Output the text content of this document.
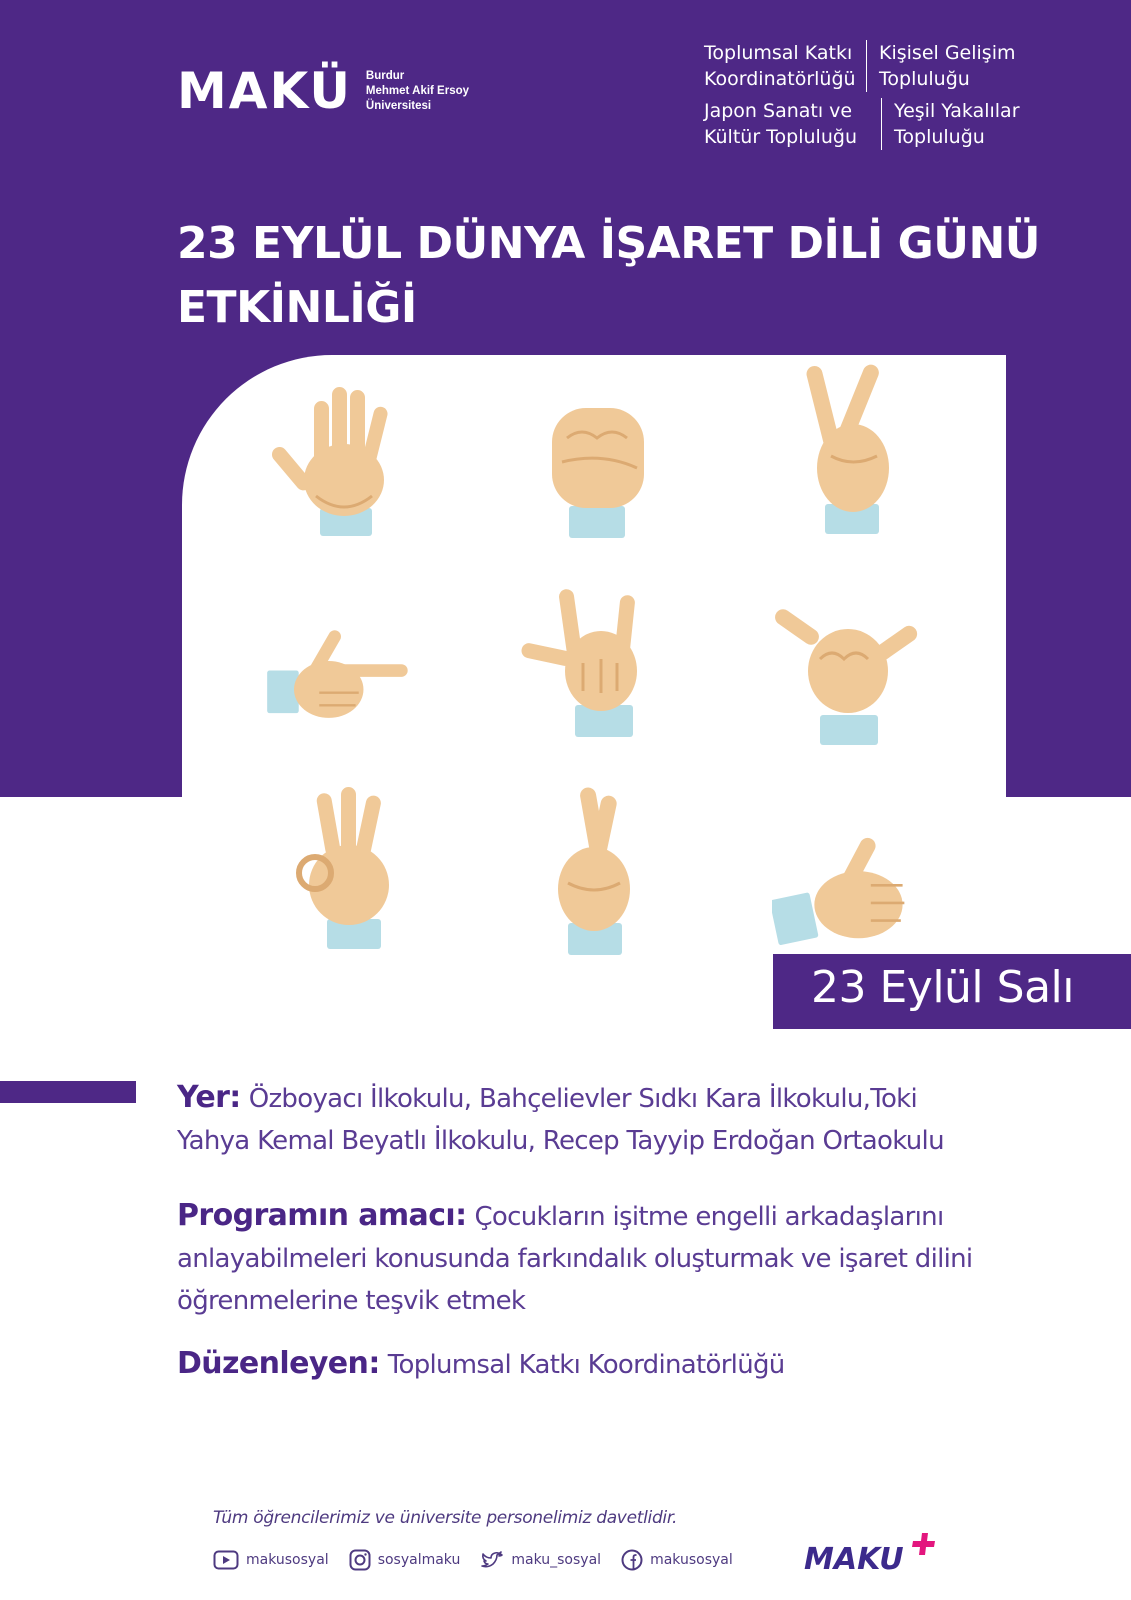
MAKÜ Burdur
Mehmet Akif Ersoy
Üniversitesi
Toplumsal Katkı
Koordinatörlüğü
Kişisel Gelişim
Topluluğu
Japon Sanatı ve
Kültür Topluluğu
Yeşil Yakalılar
Topluluğu
23 EYLÜL DÜNYA İŞARET DİLİ GÜNÜ
ETKİNLİĞİ
23 Eylül Salı
Yer: Özboyacı İlkokulu, Bahçelievler Sıdkı Kara İlkokulu,Toki Yahya Kemal Beyatlı İlkokulu, Recep Tayyip Erdoğan Ortaokulu
Programın amacı: Çocukların işitme engelli arkadaşlarını anlayabilmeleri konusunda farkındalık oluşturmak ve işaret dilini öğrenmelerine teşvik etmek
Düzenleyen: Toplumsal Katkı Koordinatörlüğü
Tüm öğrencilerimiz ve üniversite personelimiz davetlidir.
makusosyal	sosyalmaku	maku_sosyal	makusosyal MAKU
